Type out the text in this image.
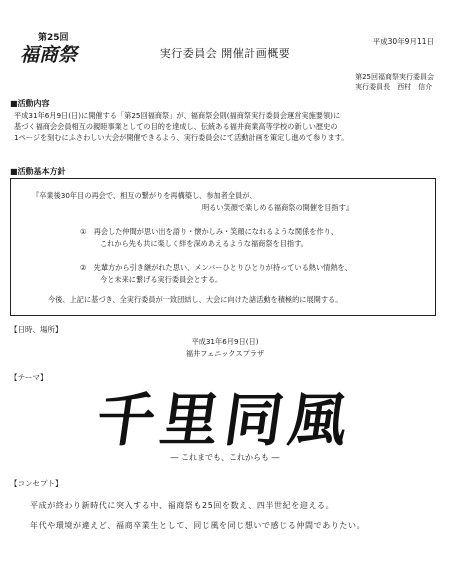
第25回
福商祭
平成30年9月11日
実行委員会 開催計画概要
第25回福商祭実行委員会
実行委員長　西村　信介
■活動内容
平成31年6月9日(日)に開催する「第25回福商祭」が、福商祭会則(福商祭実行委員会運営実施要領)に
基づく福商会会員相互の親睦事業としての目的を達成し、伝統ある福井商業高等学校の新しい歴史の
1ページを刻むにふさわしい大会が開催できるよう、実行委員会にて活動計画を策定し進めて参ります。
■活動基本方針
『卒業後30年目の再会で、相互の繋がりを再構築し、参加者全員が、
明るい笑顔で楽しめる福商祭の開催を目指す』
①　再会した仲間が思い出を語り・懐かしみ・笑顔になれるような関係を作り、
これから先も共に楽しく絆を深めあえるような福商祭を目指す。
②　先輩方から引き継がれた思い、メンバーひとりひとりが持っている熱い情熱を、
今と未来に繋げる実行委員会とする。
今後、上記に基づき、全実行委員が一致団結し、大会に向けた諸活動を積極的に展開する。
【日時、場所】
平成31年6月9日(日)
福井フェニックスプラザ
【テーマ】
千里同風
― これまでも、これからも ―
【コンセプト】
平成が終わり新時代に突入する中、福商祭も25回を数え、四半世紀を迎える。
年代や環境が違えど、福商卒業生として、同じ風を同じ想いで感じる仲間でありたい。
